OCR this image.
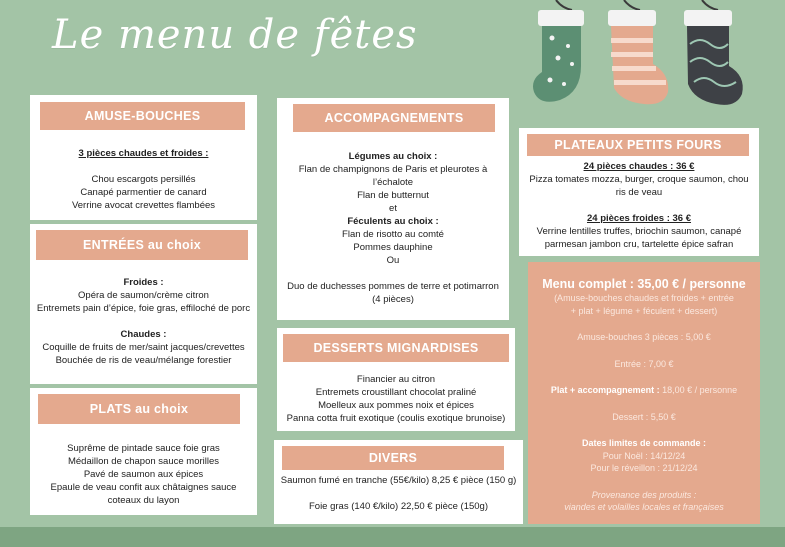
Le menu de fêtes
AMUSE-BOUCHES
3 pièces chaudes et froides :
Chou escargots persillés
Canapé parmentier de canard
Verrine avocat crevettes flambées
ENTRÉES au choix
Froides :
Opéra de saumon/crème citron
Entremets pain d’épice, foie gras, effiloché de porc
Chaudes :
Coquille de fruits de mer/saint jacques/crevettes
Bouchée de ris de veau/mélange forestier
PLATS au choix
Suprême de pintade sauce foie gras
Médaillon de chapon sauce morilles
Pavé de saumon aux épices
Epaule de veau confit aux châtaignes sauce
coteaux du layon
ACCOMPAGNEMENTS
Légumes au choix :
Flan de champignons de Paris et pleurotes à
l’échalote
Flan de butternut
et
Féculents au choix :
Flan de risotto au comté
Pommes dauphine
Ou
Duo de duchesses pommes de terre et potimarron
(4 pièces)
DESSERTS MIGNARDISES
Financier au citron
Entremets croustillant chocolat praliné
Moelleux aux pommes noix et épices
Panna cotta fruit exotique (coulis exotique brunoise)
DIVERS
Saumon fumé en tranche (55€/kilo) 8,25 € pièce (150 g)
Foie gras (140 €/kilo) 22,50 € pièce (150g)
PLATEAUX PETITS FOURS
24 pièces chaudes : 36 €
Pizza tomates mozza, burger, croque saumon, chou
ris de veau
24 pièces froides : 36 €
Verrine lentilles truffes, briochin saumon, canapé
parmesan jambon cru, tartelette épice safran
Menu complet : 35,00 € / personne
(Amuse-bouches chaudes et froides + entrée
+ plat + légume + féculent + dessert)
Amuse-bouches 3 pièces : 5,00 €
Entrée : 7,00 €
Plat + accompagnement : 18,00 € / personne
Dessert : 5,50 €
Dates limites de commande :
Pour Noël : 14/12/24
Pour le réveillon : 21/12/24
Provenance des produits :
viandes et volailles locales et françaises
